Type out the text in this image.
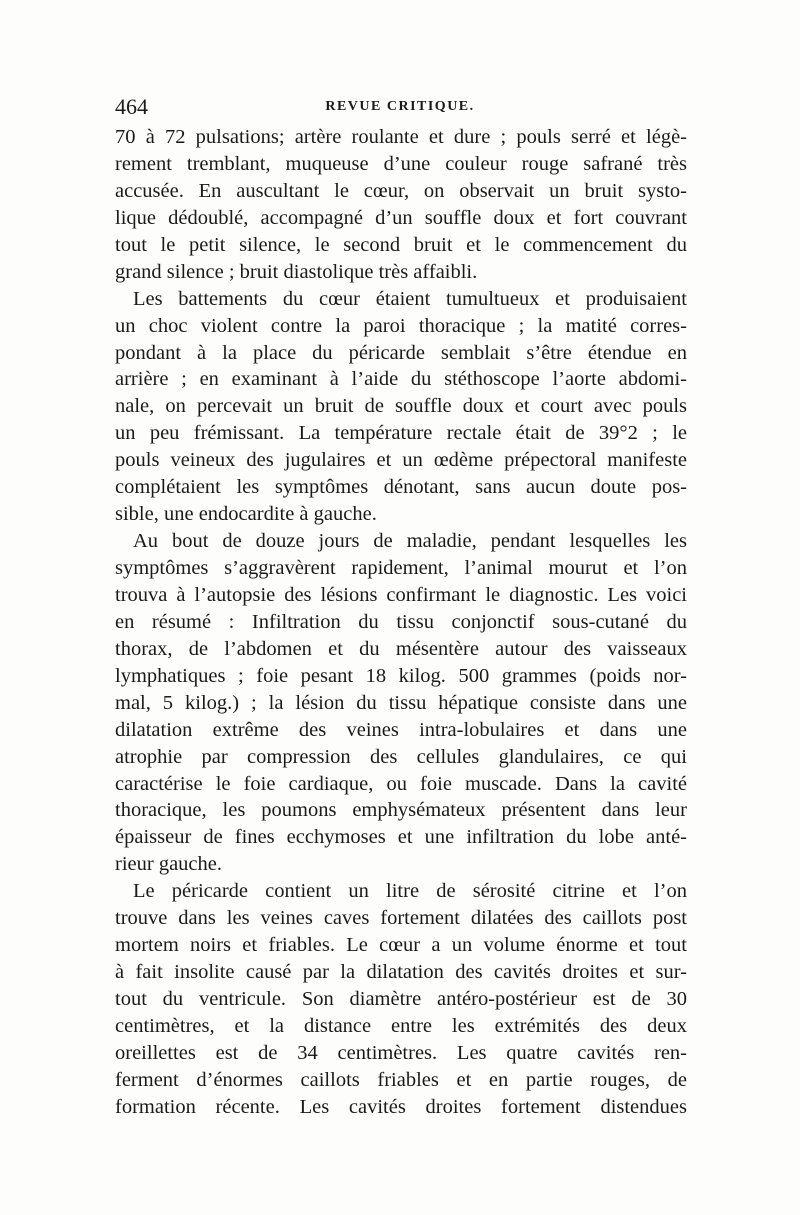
464	REVUE CRITIQUE.
70 à 72 pulsations; artère roulante et dure ; pouls serré et légè-
rement tremblant, muqueuse d’une couleur rouge safrané très
accusée. En auscultant le cœur, on observait un bruit systo-
lique dédoublé, accompagné d’un souffle doux et fort couvrant
tout le petit silence, le second bruit et le commencement du
grand silence ; bruit diastolique très affaibli.
Les battements du cœur étaient tumultueux et produisaient
un choc violent contre la paroi thoracique ; la matité corres-
pondant à la place du péricarde semblait s’être étendue en
arrière ; en examinant à l’aide du stéthoscope l’aorte abdomi-
nale, on percevait un bruit de souffle doux et court avec pouls
un peu frémissant. La température rectale était de 39°2 ; le
pouls veineux des jugulaires et un œdème prépectoral manifeste
complétaient les symptômes dénotant, sans aucun doute pos-
sible, une endocardite à gauche.
Au bout de douze jours de maladie, pendant lesquelles les
symptômes s’aggravèrent rapidement, l’animal mourut et l’on
trouva à l’autopsie des lésions confirmant le diagnostic. Les voici
en résumé : Infiltration du tissu conjonctif sous-cutané du
thorax, de l’abdomen et du mésentère autour des vaisseaux
lymphatiques ; foie pesant 18 kilog. 500 grammes (poids nor-
mal, 5 kilog.) ; la lésion du tissu hépatique consiste dans une
dilatation extrême des veines intra-lobulaires et dans une
atrophie par compression des cellules glandulaires, ce qui
caractérise le foie cardiaque, ou foie muscade. Dans la cavité
thoracique, les poumons emphysémateux présentent dans leur
épaisseur de fines ecchymoses et une infiltration du lobe anté-
rieur gauche.
Le péricarde contient un litre de sérosité citrine et l’on
trouve dans les veines caves fortement dilatées des caillots post
mortem noirs et friables. Le cœur a un volume énorme et tout
à fait insolite causé par la dilatation des cavités droites et sur-
tout du ventricule. Son diamètre antéro-postérieur est de 30
centimètres, et la distance entre les extrémités des deux
oreillettes est de 34 centimètres. Les quatre cavités ren-
ferment d’énormes caillots friables et en partie rouges, de
formation récente. Les cavités droites fortement distendues
